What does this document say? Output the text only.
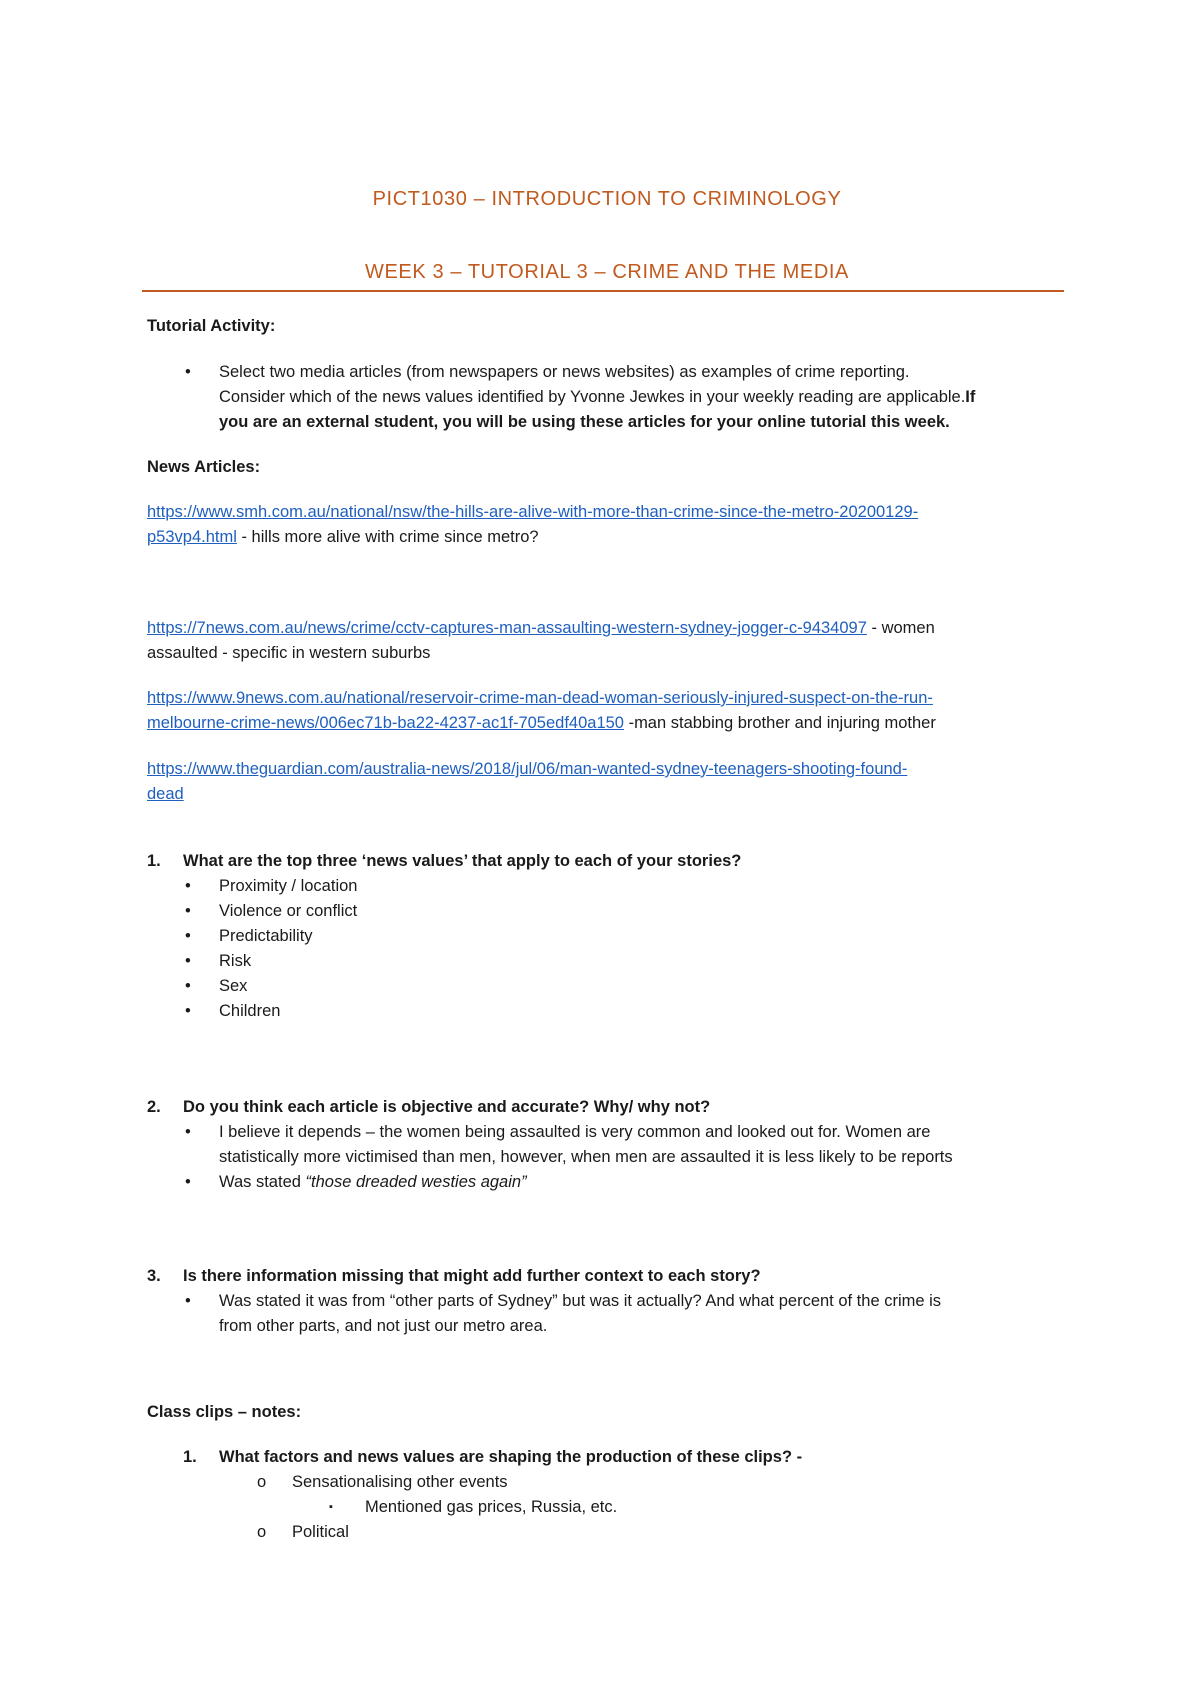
PICT1030 – INTRODUCTION TO CRIMINOLOGY
WEEK 3 – TUTORIAL 3 – CRIME AND THE MEDIA
Tutorial Activity:
• Select two media articles (from newspapers or news websites) as examples of crime reporting.
Consider which of the news values identified by Yvonne Jewkes in your weekly reading are applicable.If
you are an external student, you will be using these articles for your online tutorial this week.
News Articles:
https://www.smh.com.au/national/nsw/the-hills-are-alive-with-more-than-crime-since-the-metro-20200129-
p53vp4.html - hills more alive with crime since metro?
https://7news.com.au/news/crime/cctv-captures-man-assaulting-western-sydney-jogger-c-9434097 - women
assaulted - specific in western suburbs
https://www.9news.com.au/national/reservoir-crime-man-dead-woman-seriously-injured-suspect-on-the-run-
melbourne-crime-news/006ec71b-ba22-4237-ac1f-705edf40a150 -man stabbing brother and injuring mother
https://www.theguardian.com/australia-news/2018/jul/06/man-wanted-sydney-teenagers-shooting-found-
dead
1. What are the top three ‘news values’ that apply to each of your stories?
• Proximity / location
• Violence or conflict
• Predictability
• Risk
• Sex
• Children
2. Do you think each article is objective and accurate? Why/ why not?
• I believe it depends – the women being assaulted is very common and looked out for. Women are
statistically more victimised than men, however, when men are assaulted it is less likely to be reports
• Was stated “those dreaded westies again”
3. Is there information missing that might add further context to each story?
• Was stated it was from “other parts of Sydney” but was it actually? And what percent of the crime is
from other parts, and not just our metro area.
Class clips – notes:
1. What factors and news values are shaping the production of these clips? -
o Sensationalising other events
▪ Mentioned gas prices, Russia, etc.
o Political
